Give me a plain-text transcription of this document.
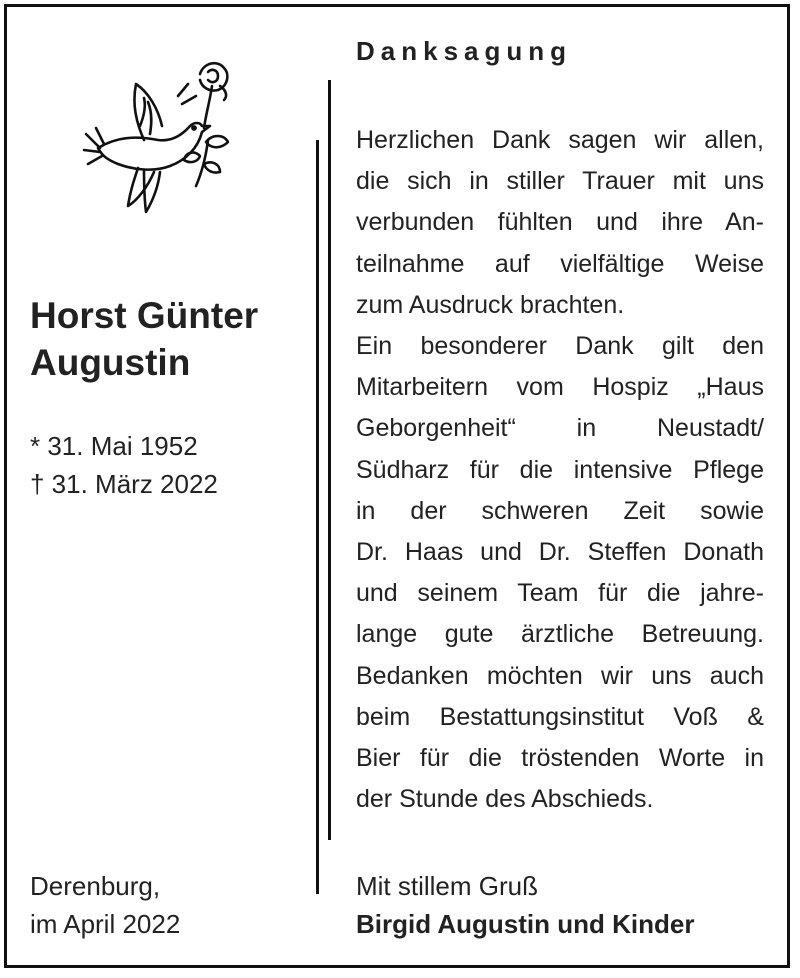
Horst Günter
Augustin
* 31. Mai 1952
† 31. März 2022
Derenburg,
im April 2022
Danksagung
Herzlichen Dank sagen wir allen,
die sich in stiller Trauer mit uns
verbunden fühlten und ihre An-
teilnahme auf vielfältige Weise
zum Ausdruck brachten.
Ein besonderer Dank gilt den
Mitarbeitern vom Hospiz „Haus
Geborgenheit“ in Neustadt/
Südharz für die intensive Pflege
in der schweren Zeit sowie
Dr. Haas und Dr. Steffen Donath
und seinem Team für die jahre-
lange gute ärztliche Betreuung.
Bedanken möchten wir uns auch
beim Bestattungsinstitut Voß &
Bier für die tröstenden Worte in
der Stunde des Abschieds.
Mit stillem Gruß
Birgid Augustin und Kinder
